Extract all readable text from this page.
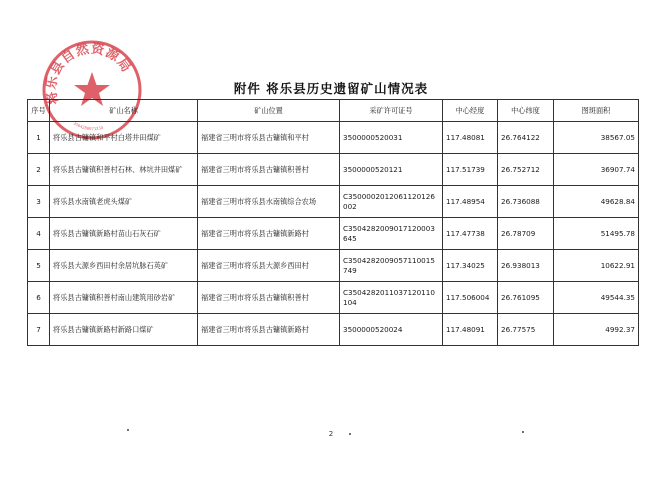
将乐县自然资源局
3504280071234
附件 将乐县历史遗留矿山情况表
序号	矿山名称	矿山位置	采矿许可证号	中心经度	中心纬度	图斑面积
1	将乐县古镛镇和平村白塔井田煤矿	福建省三明市将乐县古镛镇和平村	3500000520031	117.48081	26.764122	38567.05
2	将乐县古镛镇积善村石林、林坑井田煤矿	福建省三明市将乐县古镛镇积善村	3500000520121	117.51739	26.752712	36907.74
3	将乐县水南镇老虎头煤矿	福建省三明市将乐县水南镇综合农场	C3500002012061120126002	117.48954	26.736088	49628.84
4	将乐县古镛镇新路村苗山石灰石矿	福建省三明市将乐县古镛镇新路村	C3504282009017120003645	117.47738	26.78709	51495.78
5	将乐县大源乡西田村余居坑脉石英矿	福建省三明市将乐县大源乡西田村	C3504282009057110015749	117.34025	26.938013	10622.91
6	将乐县古镛镇积善村南山建筑用砂岩矿	福建省三明市将乐县古镛镇积善村	C3504282011037120110104	117.506004	26.761095	49544.35
7	将乐县古镛镇新路村新路口煤矿	福建省三明市将乐县古镛镇新路村	3500000520024	117.48091	26.77575	4992.37
2
